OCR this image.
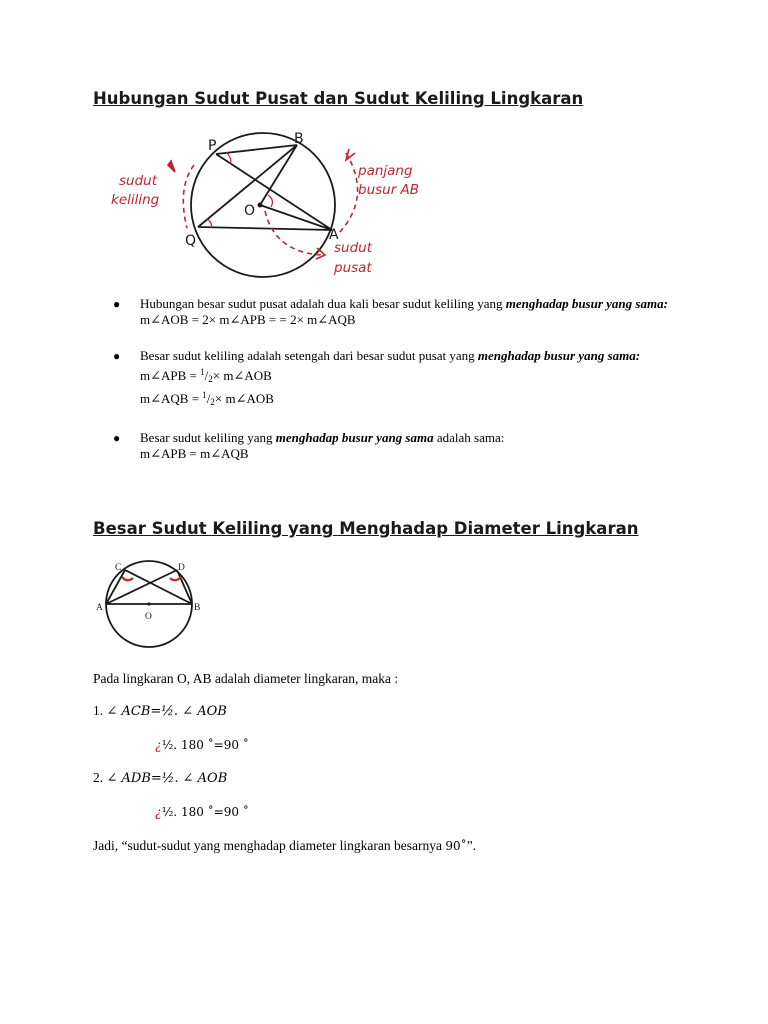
Hubungan Sudut Pusat dan Sudut Keliling Lingkaran
P	B
O
Q	A
sudut
keliling
panjang
busur AB
sudut
pusat
● Hubungan besar sudut pusat adalah dua kali besar sudut keliling yang menghadap busur yang sama:
m∠AOB = 2× m∠APB = = 2× m∠AQB
● Besar sudut keliling adalah setengah dari besar sudut pusat yang menghadap busur yang sama:
m∠APB = $^1/_2\times$ m∠AOB
m∠AQB = $^1/_2\times$ m∠AOB
● Besar sudut keliling yang menghadap busur yang sama adalah sama:
m∠APB = m∠AQB
Besar Sudut Keliling yang Menghadap Diameter Lingkaran
C	D
A	B
O
Pada lingkaran O, AB adalah diameter lingkaran, maka :
1. ∠ ACB=½. ∠ AOB
¿½. 180 ˚=90 ˚
2. ∠ ADB=½. ∠ AOB
¿½. 180 ˚=90 ˚
Jadi, “sudut-sudut yang menghadap diameter lingkaran besarnya 90˚”.
